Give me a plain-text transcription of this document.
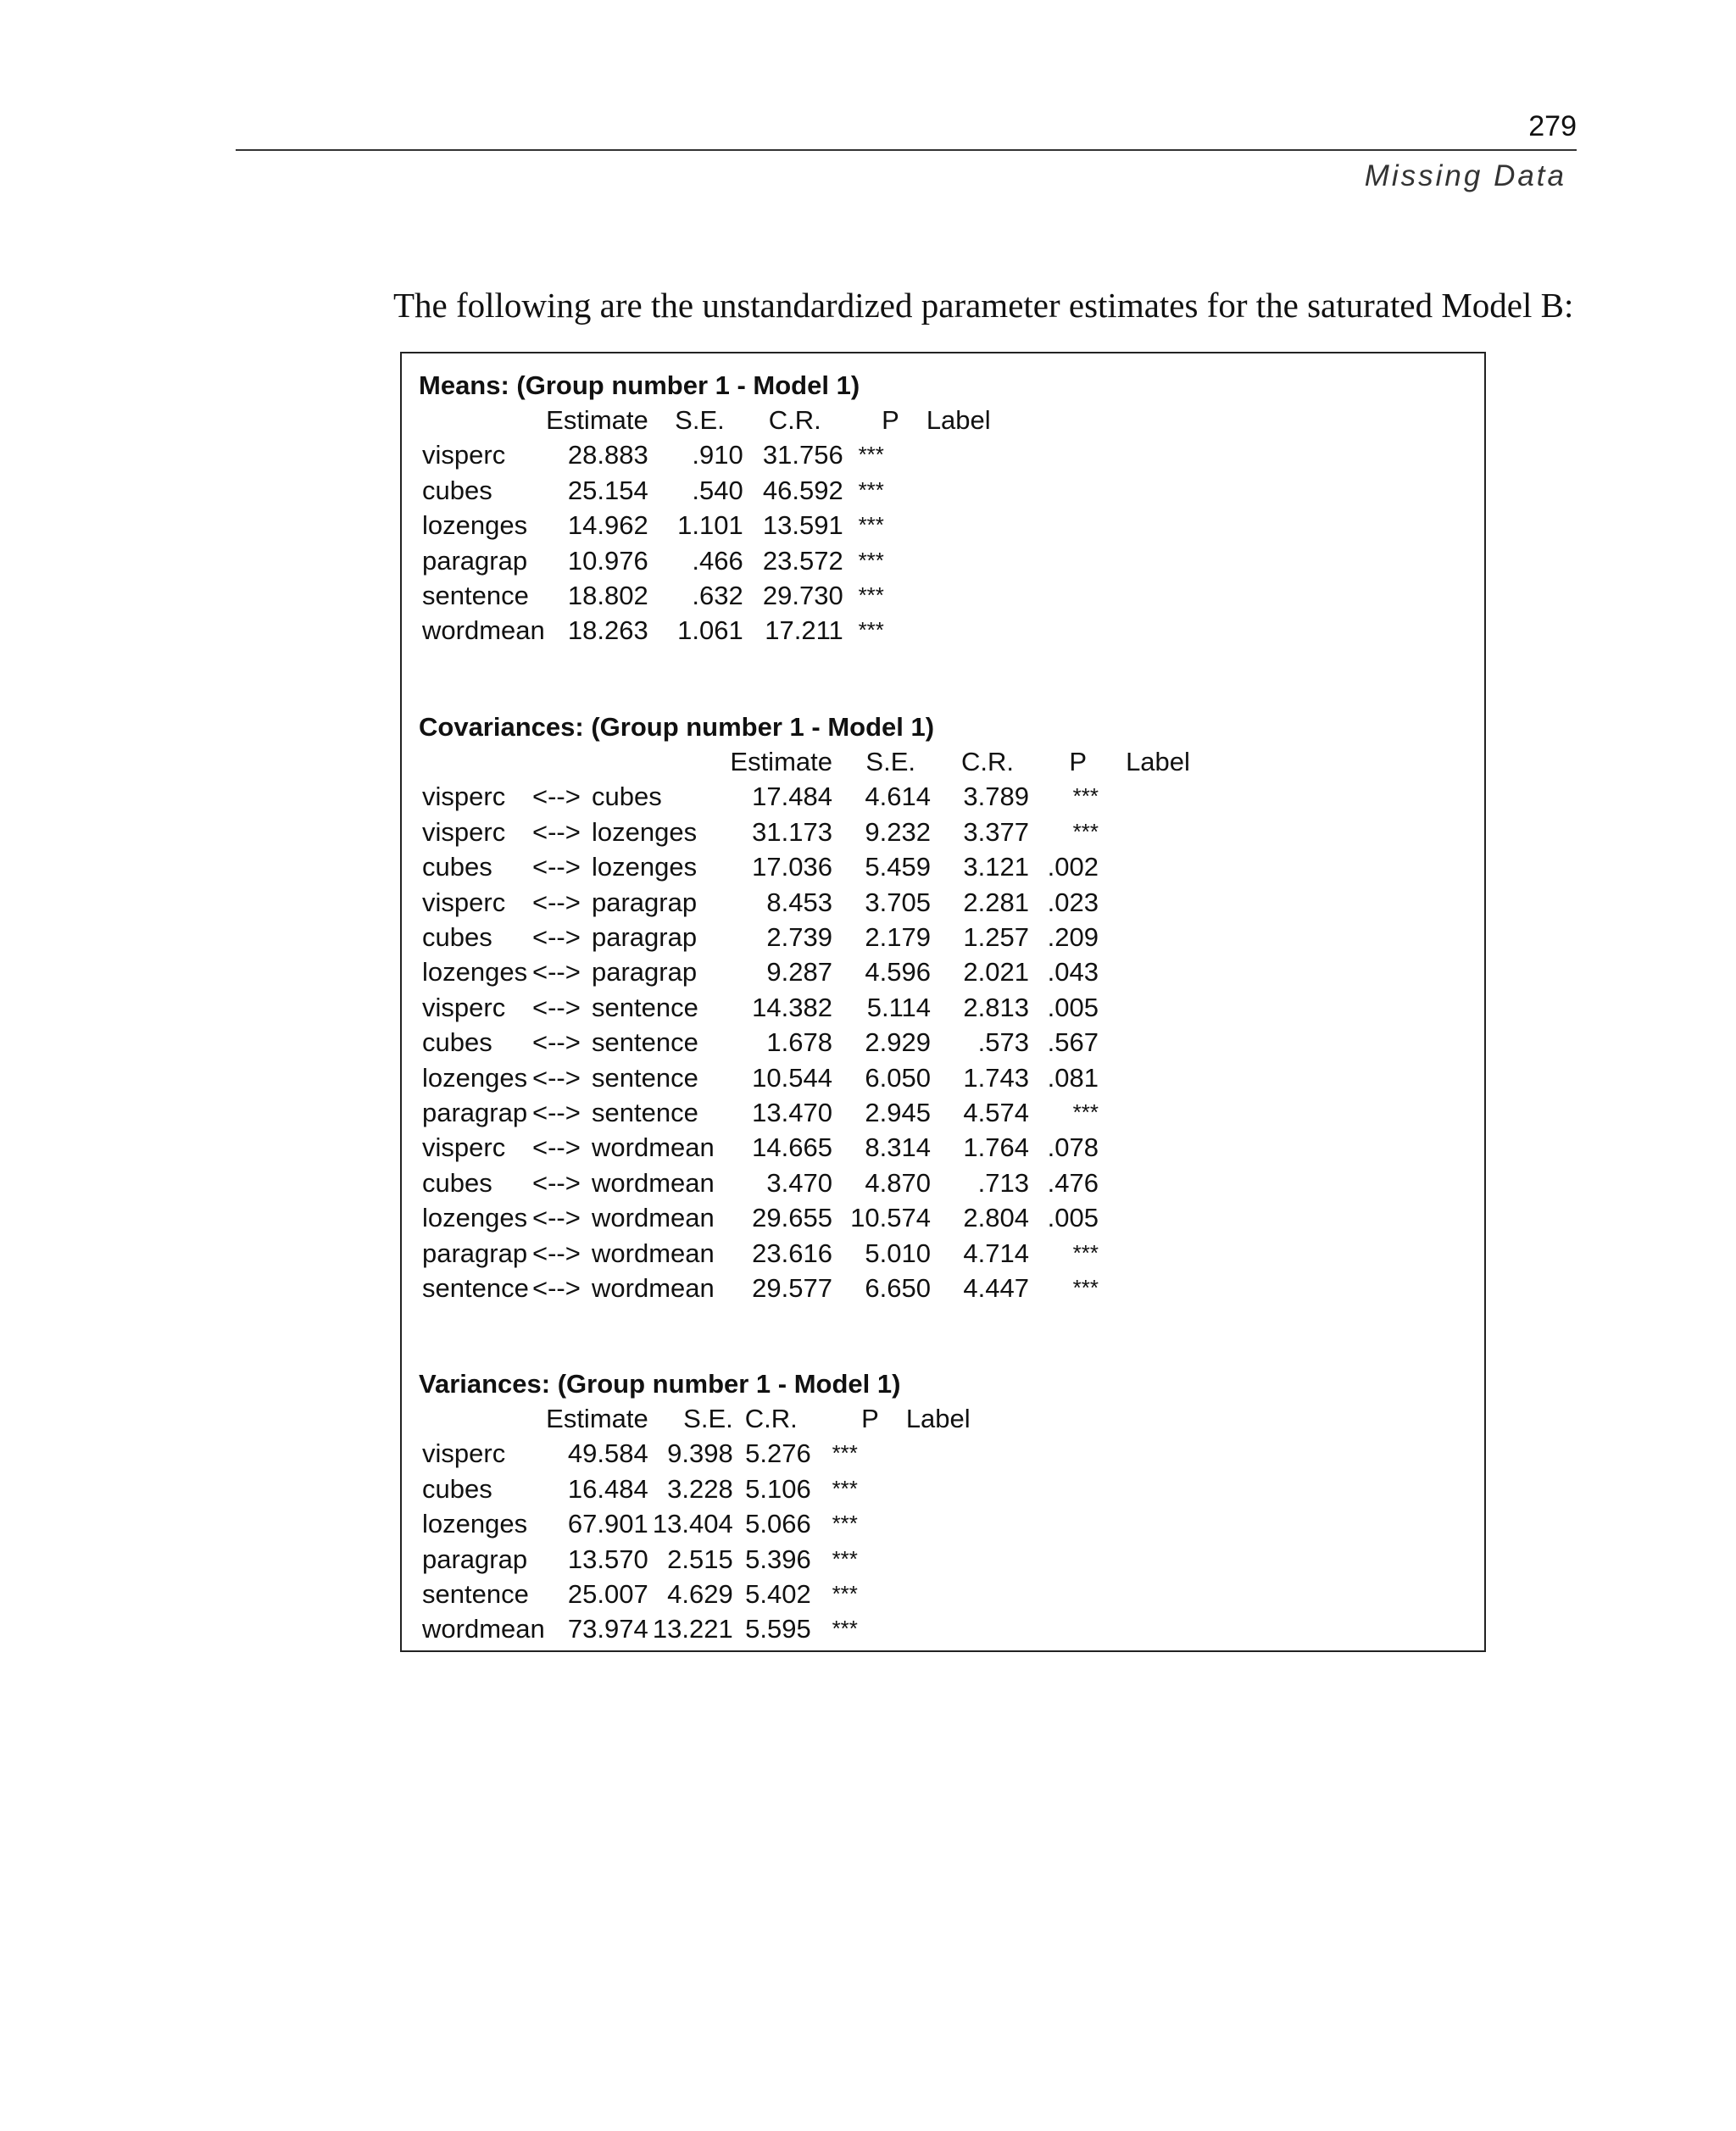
279
Missing Data
The following are the unstandardized parameter estimates for the saturated Model B:
Means: (Group number 1 - Model 1)
	Estimate	S.E.	C.R.	P	Label
visperc	28.883	.910	31.756	***	
cubes	25.154	.540	46.592	***	
lozenges	14.962	1.101	13.591	***	
paragrap	10.976	.466	23.572	***	
sentence	18.802	.632	29.730	***	
wordmean	18.263	1.061	17.211	***	
Covariances: (Group number 1 - Model 1)
			Estimate	S.E.	C.R.	P	Label
visperc	<-->	cubes	17.484	4.614	3.789	***	
visperc	<-->	lozenges	31.173	9.232	3.377	***	
cubes	<-->	lozenges	17.036	5.459	3.121	.002	
visperc	<-->	paragrap	8.453	3.705	2.281	.023	
cubes	<-->	paragrap	2.739	2.179	1.257	.209	
lozenges	<-->	paragrap	9.287	4.596	2.021	.043	
visperc	<-->	sentence	14.382	5.114	2.813	.005	
cubes	<-->	sentence	1.678	2.929	.573	.567	
lozenges	<-->	sentence	10.544	6.050	1.743	.081	
paragrap	<-->	sentence	13.470	2.945	4.574	***	
visperc	<-->	wordmean	14.665	8.314	1.764	.078	
cubes	<-->	wordmean	3.470	4.870	.713	.476	
lozenges	<-->	wordmean	29.655	10.574	2.804	.005	
paragrap	<-->	wordmean	23.616	5.010	4.714	***	
sentence	<-->	wordmean	29.577	6.650	4.447	***	
Variances: (Group number 1 - Model 1)
	Estimate	S.E.	C.R.	P	Label
visperc	49.584	9.398	5.276	***	
cubes	16.484	3.228	5.106	***	
lozenges	67.901	13.404	5.066	***	
paragrap	13.570	2.515	5.396	***	
sentence	25.007	4.629	5.402	***	
wordmean	73.974	13.221	5.595	***	
